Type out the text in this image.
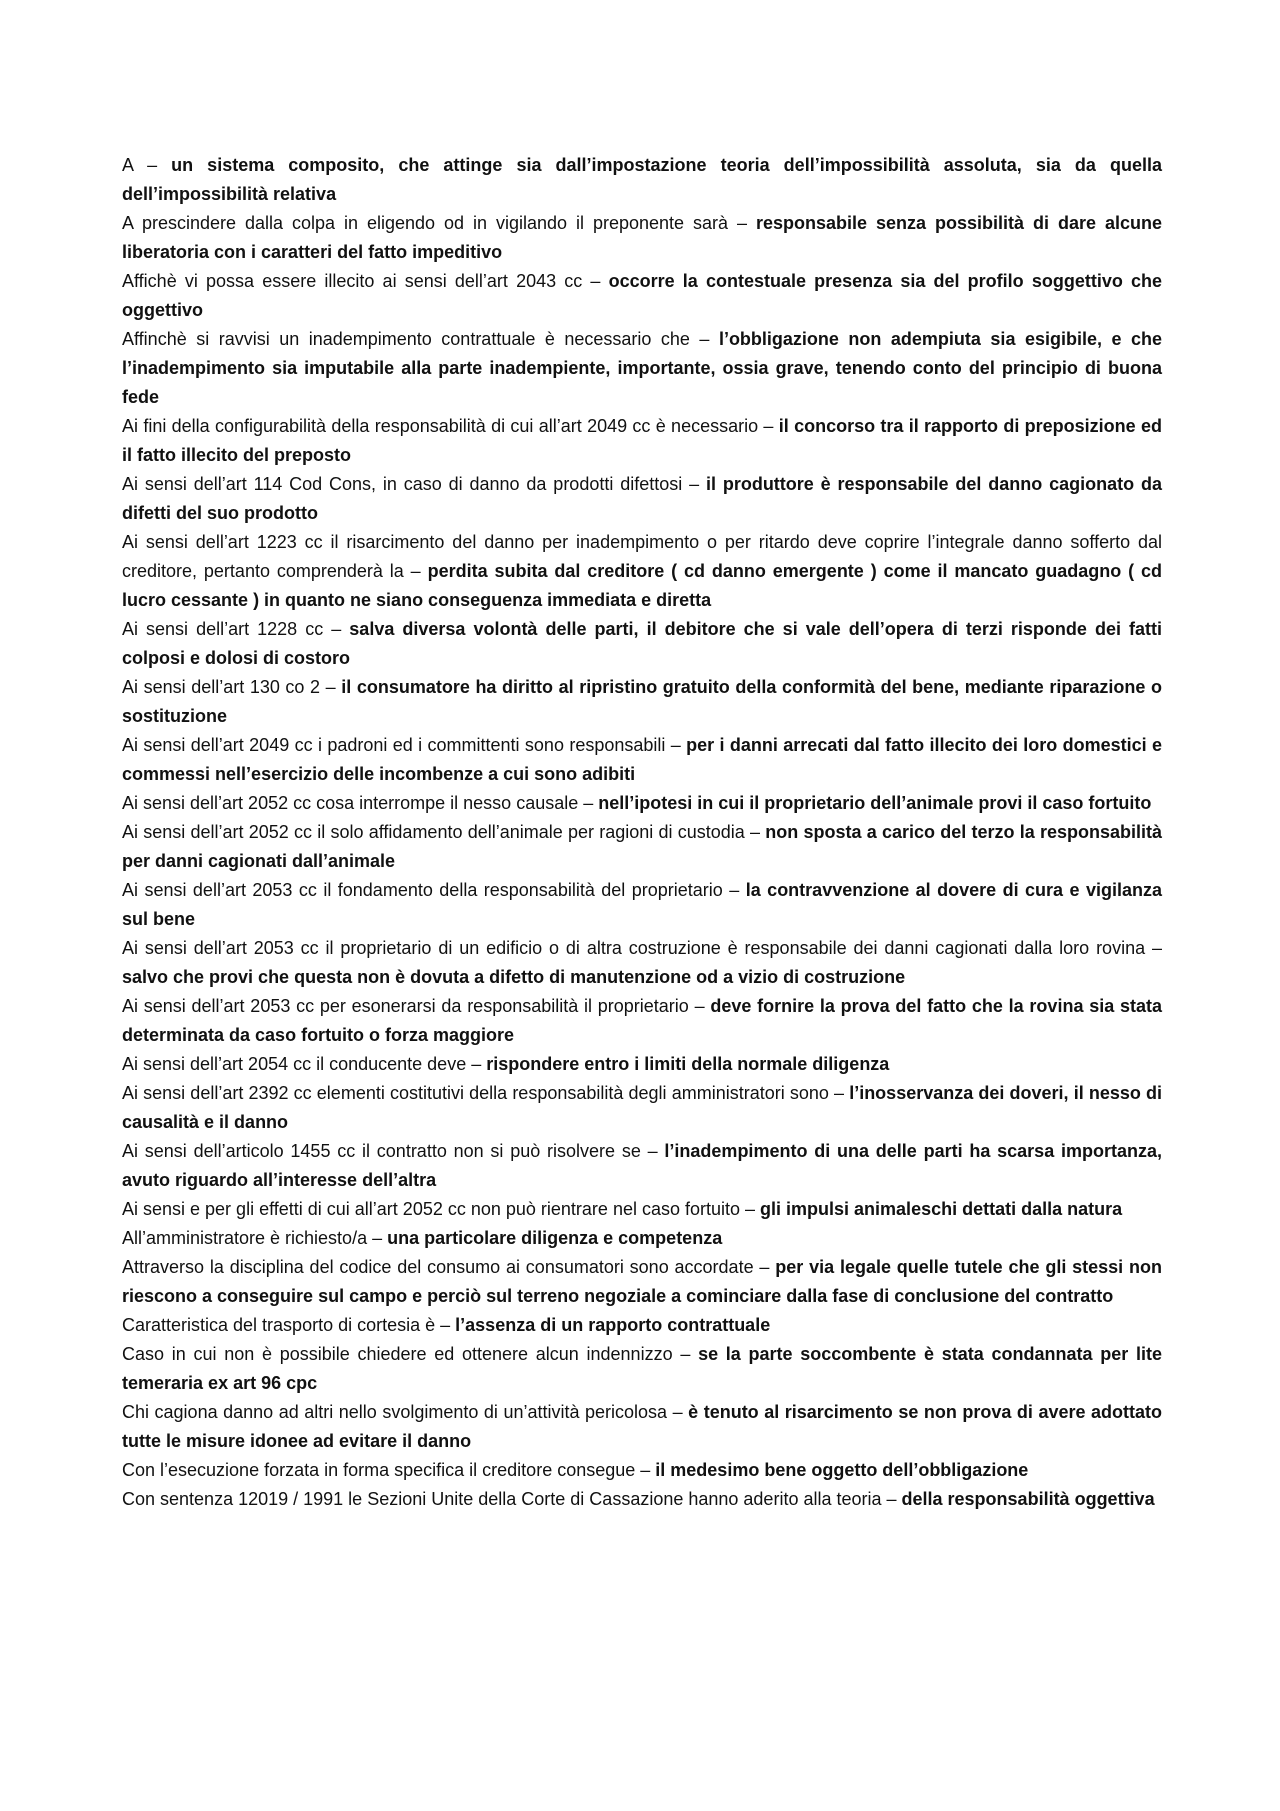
A – un sistema composito, che attinge sia dall’impostazione teoria dell’impossibilità assoluta, sia da quella dell’impossibilità relativa

A prescindere dalla colpa in eligendo od in vigilando il preponente sarà – responsabile senza possibilità di dare alcune liberatoria con i caratteri del fatto impeditivo

Affichè vi possa essere illecito ai sensi dell’art 2043 cc – occorre la contestuale presenza sia del profilo soggettivo che oggettivo

Affinchè si ravvisi un inadempimento contrattuale è necessario che – l’obbligazione non adempiuta sia esigibile, e che l’inadempimento sia imputabile alla parte inadempiente, importante, ossia grave, tenendo conto del principio di buona fede

Ai fini della configurabilità della responsabilità di cui all’art 2049 cc è necessario – il concorso tra il rapporto di preposizione ed il fatto illecito del preposto

Ai sensi dell’art 114 Cod Cons, in caso di danno da prodotti difettosi – il produttore è responsabile del danno cagionato da difetti del suo prodotto

Ai sensi dell’art 1223 cc il risarcimento del danno per inadempimento o per ritardo deve coprire l’integrale danno sofferto dal creditore, pertanto comprenderà la – perdita subita dal creditore ( cd danno emergente ) come il mancato guadagno ( cd lucro cessante ) in quanto ne siano conseguenza immediata e diretta

Ai sensi dell’art 1228 cc – salva diversa volontà delle parti, il debitore che si vale dell’opera di terzi risponde dei fatti colposi e dolosi di costoro

Ai sensi dell’art 130 co 2 – il consumatore ha diritto al ripristino gratuito della conformità del bene, mediante riparazione o sostituzione

Ai sensi dell’art 2049 cc i padroni ed i committenti sono responsabili – per i danni arrecati dal fatto illecito dei loro domestici e commessi nell’esercizio delle incombenze a cui sono adibiti

Ai sensi dell’art 2052 cc cosa interrompe il nesso causale – nell’ipotesi in cui il proprietario dell’animale provi il caso fortuito

Ai sensi dell’art 2052 cc il solo affidamento dell’animale per ragioni di custodia – non sposta a carico del terzo la responsabilità per danni cagionati dall’animale

Ai sensi dell’art 2053 cc il fondamento della responsabilità del proprietario – la contravvenzione al dovere di cura e vigilanza sul bene

Ai sensi dell’art 2053 cc il proprietario di un edificio o di altra costruzione è responsabile dei danni cagionati dalla loro rovina – salvo che provi che questa non è dovuta a difetto di manutenzione od a vizio di costruzione

Ai sensi dell’art 2053 cc per esonerarsi da responsabilità il proprietario – deve fornire la prova del fatto che la rovina sia stata determinata da caso fortuito o forza maggiore

Ai sensi dell’art 2054 cc il conducente deve – rispondere entro i limiti della normale diligenza

Ai sensi dell’art 2392 cc elementi costitutivi della responsabilità degli amministratori sono – l’inosservanza dei doveri, il nesso di causalità e il danno

Ai sensi dell’articolo 1455 cc il contratto non si può risolvere se – l’inadempimento di una delle parti ha scarsa importanza, avuto riguardo all’interesse dell’altra

Ai sensi e per gli effetti di cui all’art 2052 cc non può rientrare nel caso fortuito – gli impulsi animaleschi dettati dalla natura

All’amministratore è richiesto/a – una particolare diligenza e competenza

Attraverso la disciplina del codice del consumo ai consumatori sono accordate – per via legale quelle tutele che gli stessi non riescono a conseguire sul campo e perciò sul terreno negoziale a cominciare dalla fase di conclusione del contratto

Caratteristica del trasporto di cortesia è – l’assenza di un rapporto contrattuale

Caso in cui non è possibile chiedere ed ottenere alcun indennizzo – se la parte soccombente è stata condannata per lite temeraria ex art 96 cpc

Chi cagiona danno ad altri nello svolgimento di un’attività pericolosa – è tenuto al risarcimento se non prova di avere adottato tutte le misure idonee ad evitare il danno

Con l’esecuzione forzata in forma specifica il creditore consegue – il medesimo bene oggetto dell’obbligazione

Con sentenza 12019 / 1991 le Sezioni Unite della Corte di Cassazione hanno aderito alla teoria – della responsabilità oggettiva
